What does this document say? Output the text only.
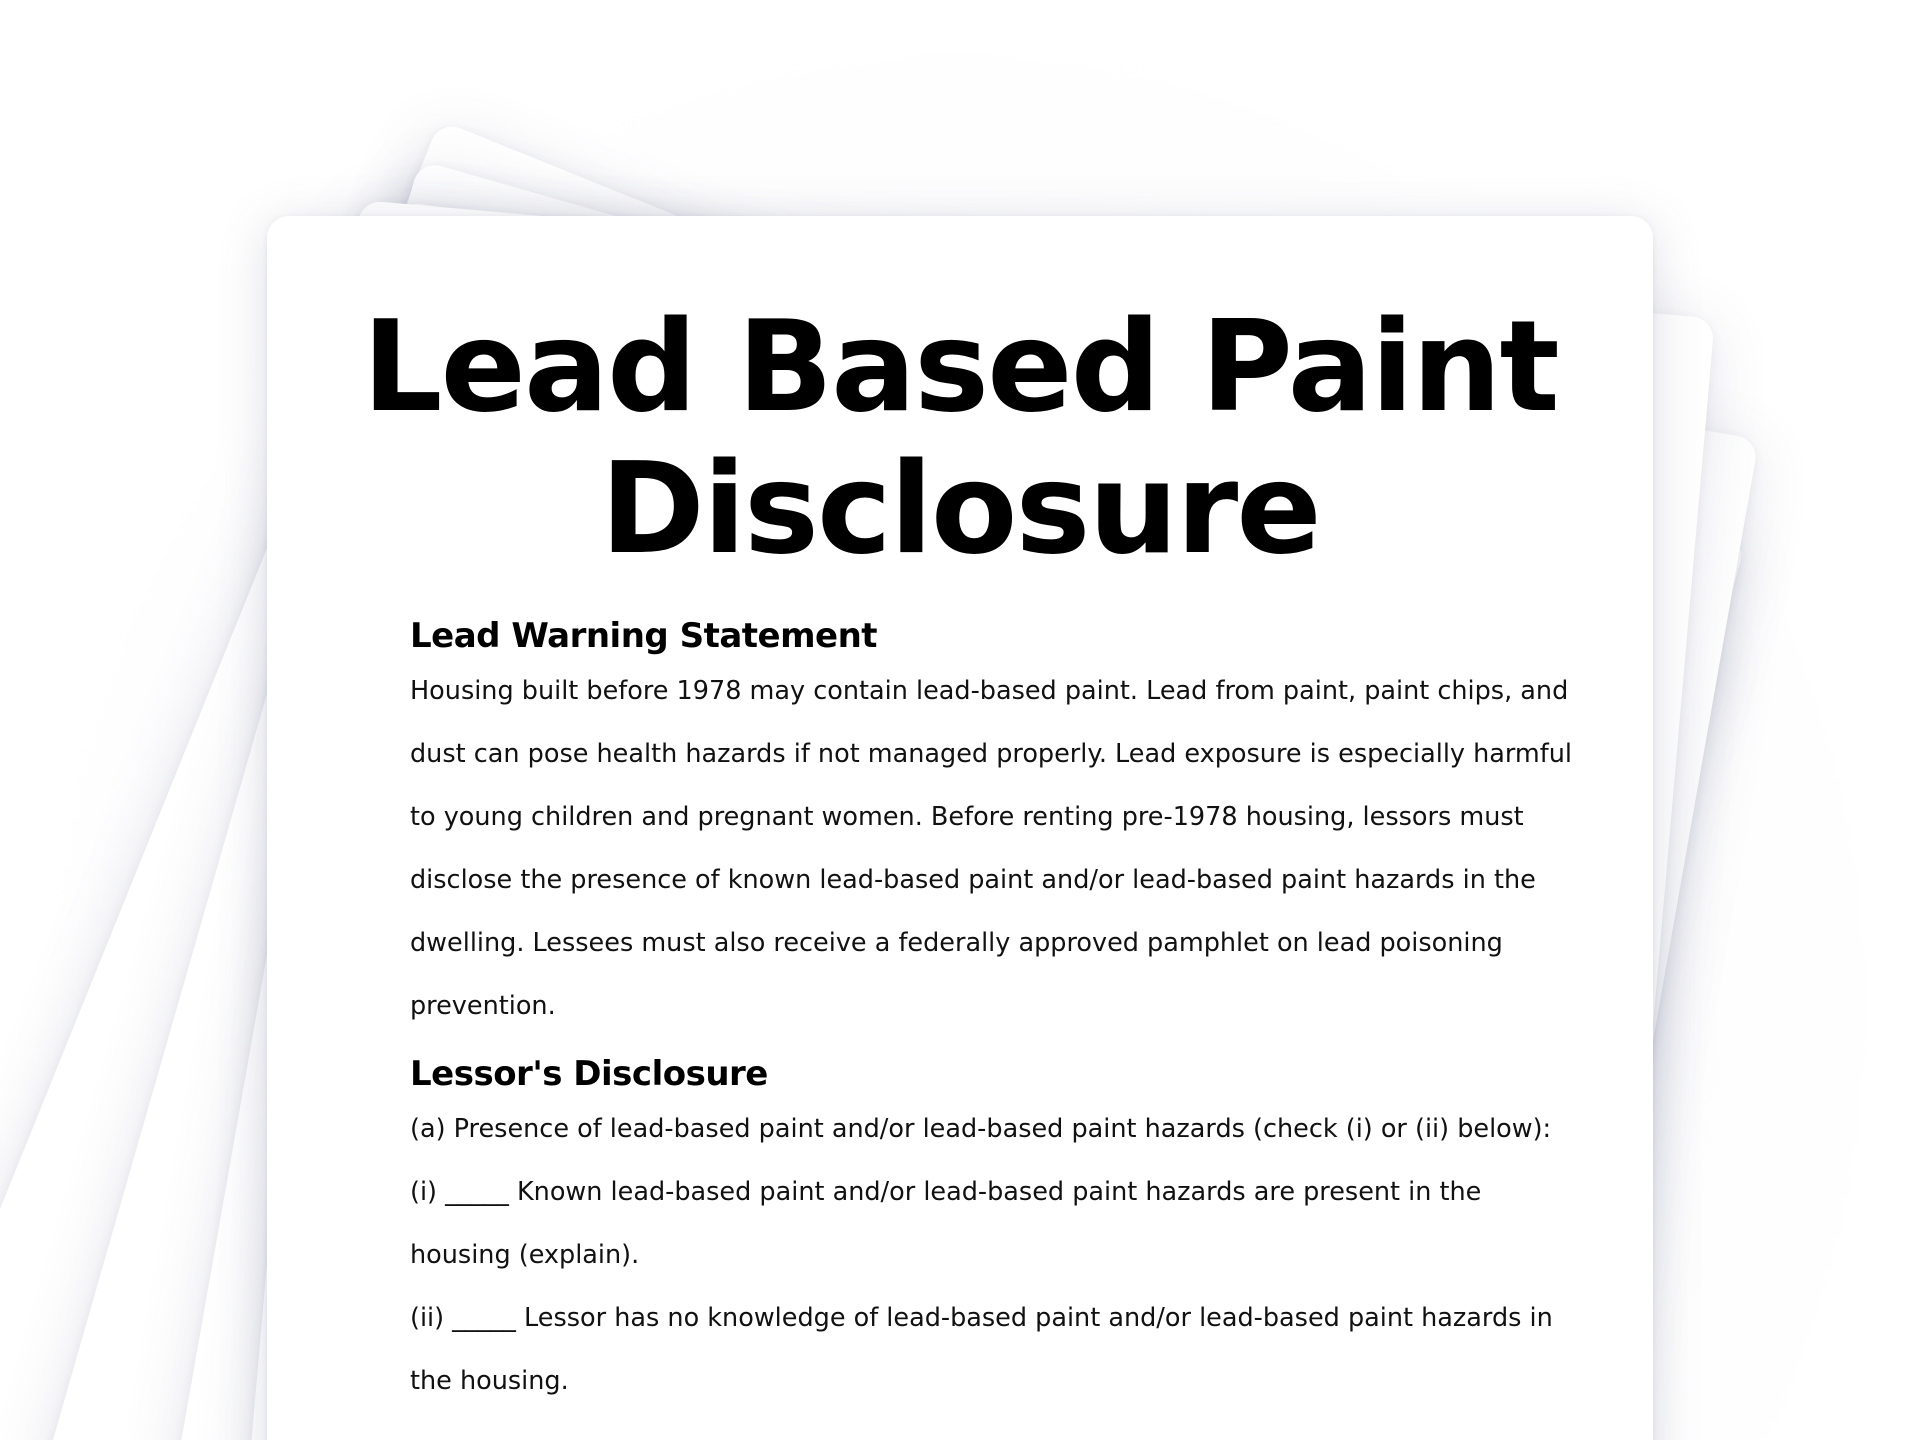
Lead Based Paint Disclosure
Lead Warning Statement

Housing built before 1978 may contain lead-based paint. Lead from paint, paint chips, and dust can pose health hazards if not managed properly. Lead exposure is especially harmful to young children and pregnant women. Before renting pre-1978 housing, lessors must disclose the presence of known lead-based paint and/or lead-based paint hazards in the dwelling. Lessees must also receive a federally approved pamphlet on lead poisoning prevention.

Lessor's Disclosure

(a) Presence of lead-based paint and/or lead-based paint hazards (check (i) or (ii) below):

(i) _____ Known lead-based paint and/or lead-based paint hazards are present in the housing (explain).

(ii) _____ Lessor has no knowledge of lead-based paint and/or lead-based paint hazards in the housing.
